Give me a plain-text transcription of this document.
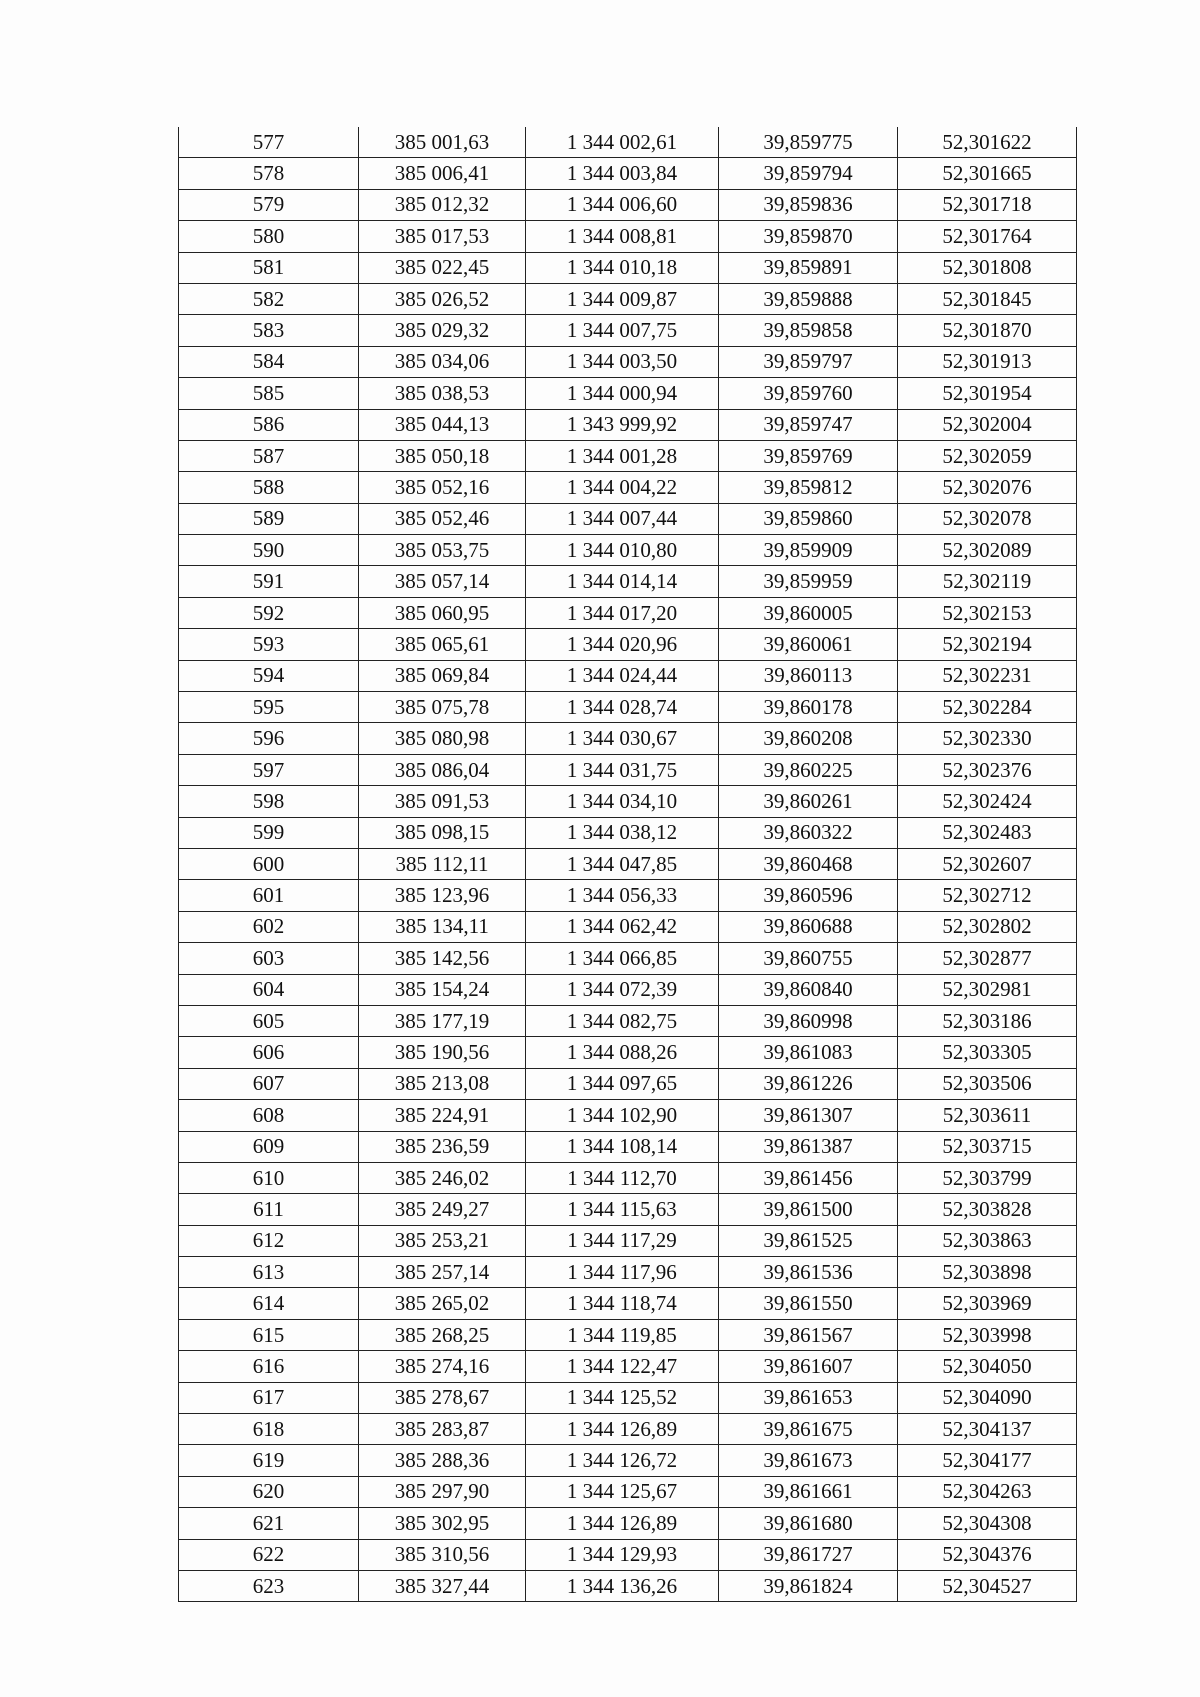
577	385 001,63	1 344 002,61	39,859775	52,301622
578	385 006,41	1 344 003,84	39,859794	52,301665
579	385 012,32	1 344 006,60	39,859836	52,301718
580	385 017,53	1 344 008,81	39,859870	52,301764
581	385 022,45	1 344 010,18	39,859891	52,301808
582	385 026,52	1 344 009,87	39,859888	52,301845
583	385 029,32	1 344 007,75	39,859858	52,301870
584	385 034,06	1 344 003,50	39,859797	52,301913
585	385 038,53	1 344 000,94	39,859760	52,301954
586	385 044,13	1 343 999,92	39,859747	52,302004
587	385 050,18	1 344 001,28	39,859769	52,302059
588	385 052,16	1 344 004,22	39,859812	52,302076
589	385 052,46	1 344 007,44	39,859860	52,302078
590	385 053,75	1 344 010,80	39,859909	52,302089
591	385 057,14	1 344 014,14	39,859959	52,302119
592	385 060,95	1 344 017,20	39,860005	52,302153
593	385 065,61	1 344 020,96	39,860061	52,302194
594	385 069,84	1 344 024,44	39,860113	52,302231
595	385 075,78	1 344 028,74	39,860178	52,302284
596	385 080,98	1 344 030,67	39,860208	52,302330
597	385 086,04	1 344 031,75	39,860225	52,302376
598	385 091,53	1 344 034,10	39,860261	52,302424
599	385 098,15	1 344 038,12	39,860322	52,302483
600	385 112,11	1 344 047,85	39,860468	52,302607
601	385 123,96	1 344 056,33	39,860596	52,302712
602	385 134,11	1 344 062,42	39,860688	52,302802
603	385 142,56	1 344 066,85	39,860755	52,302877
604	385 154,24	1 344 072,39	39,860840	52,302981
605	385 177,19	1 344 082,75	39,860998	52,303186
606	385 190,56	1 344 088,26	39,861083	52,303305
607	385 213,08	1 344 097,65	39,861226	52,303506
608	385 224,91	1 344 102,90	39,861307	52,303611
609	385 236,59	1 344 108,14	39,861387	52,303715
610	385 246,02	1 344 112,70	39,861456	52,303799
611	385 249,27	1 344 115,63	39,861500	52,303828
612	385 253,21	1 344 117,29	39,861525	52,303863
613	385 257,14	1 344 117,96	39,861536	52,303898
614	385 265,02	1 344 118,74	39,861550	52,303969
615	385 268,25	1 344 119,85	39,861567	52,303998
616	385 274,16	1 344 122,47	39,861607	52,304050
617	385 278,67	1 344 125,52	39,861653	52,304090
618	385 283,87	1 344 126,89	39,861675	52,304137
619	385 288,36	1 344 126,72	39,861673	52,304177
620	385 297,90	1 344 125,67	39,861661	52,304263
621	385 302,95	1 344 126,89	39,861680	52,304308
622	385 310,56	1 344 129,93	39,861727	52,304376
623	385 327,44	1 344 136,26	39,861824	52,304527
